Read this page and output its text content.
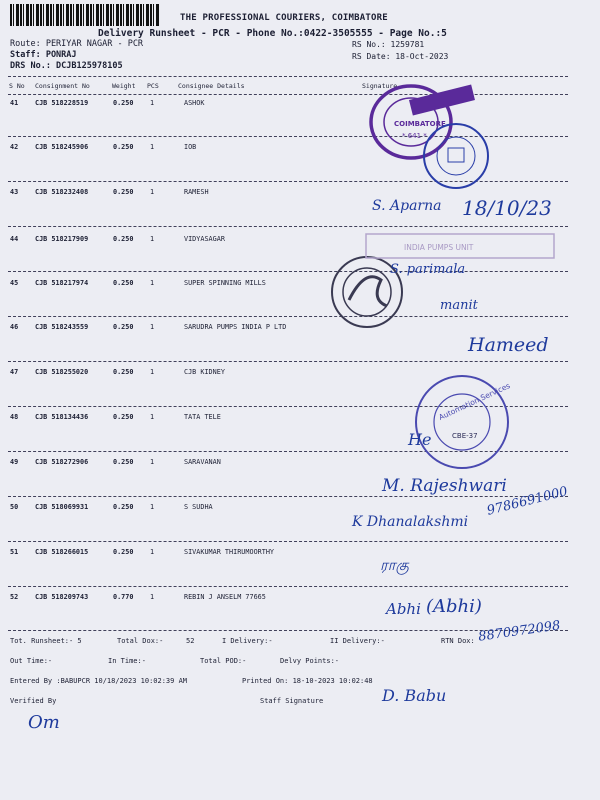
THE PROFESSIONAL COURIERS, COIMBATORE
Delivery Runsheet - PCR - Phone No.:0422-3505555 - Page No.:5
Route: PERIYAR NAGAR - PCR
Staff: PONRAJ
DRS No.: DCJB125978105
RS No.: 1259781
RS Date: 18-Oct-2023
S No Consignment No	Weight PCS	Consignee Details	Signature
41 CJB 518228519	0.250 1	ASHOK
42 CJB 518245906	0.250 1	IOB
43 CJB 518232408	0.250 1	RAMESH
44 CJB 518217909	0.250 1	VIDYASAGAR
45 CJB 518217974	0.250 1	SUPER SPINNING MILLS
46 CJB 518243559	0.250 1	SARUDRA PUMPS INDIA P LTD
47 CJB 518255020	0.250 1	CJB KIDNEY
48 CJB 518134436	0.250 1	TATA TELE
49 CJB 518272906	0.250 1	SARAVANAN
50 CJB 518069931	0.250 1	S SUDHA
51 CJB 518266015	0.250 1	SIVAKUMAR THIRUMOORTHY
52 CJB 518209743	0.770 1	REBIN J ANSELM 77665
Tot. Runsheet:- 5	Total Dox:-	52	I Delivery:-	II Delivery:-	RTN Dox:
Out Time:-	In Time:-	Total POD:-	Delvy Points:-
Entered By :BABUPCR 10/18/2023 10:02:39 AM	Printed On: 18-10-2023 10:02:48
Verified By	Staff Signature
COIMBATORE
* 641 *
Automation Services
CBE-37
INDIA PUMPS UNIT
S. Aparna 18/10/23
S. parimala
manit
Hameed
He
M. Rajeshwari
K Dhanalakshmi
9786691000
ராகு
Abhi (Abhi)
8870972098
D. Babu
Om
